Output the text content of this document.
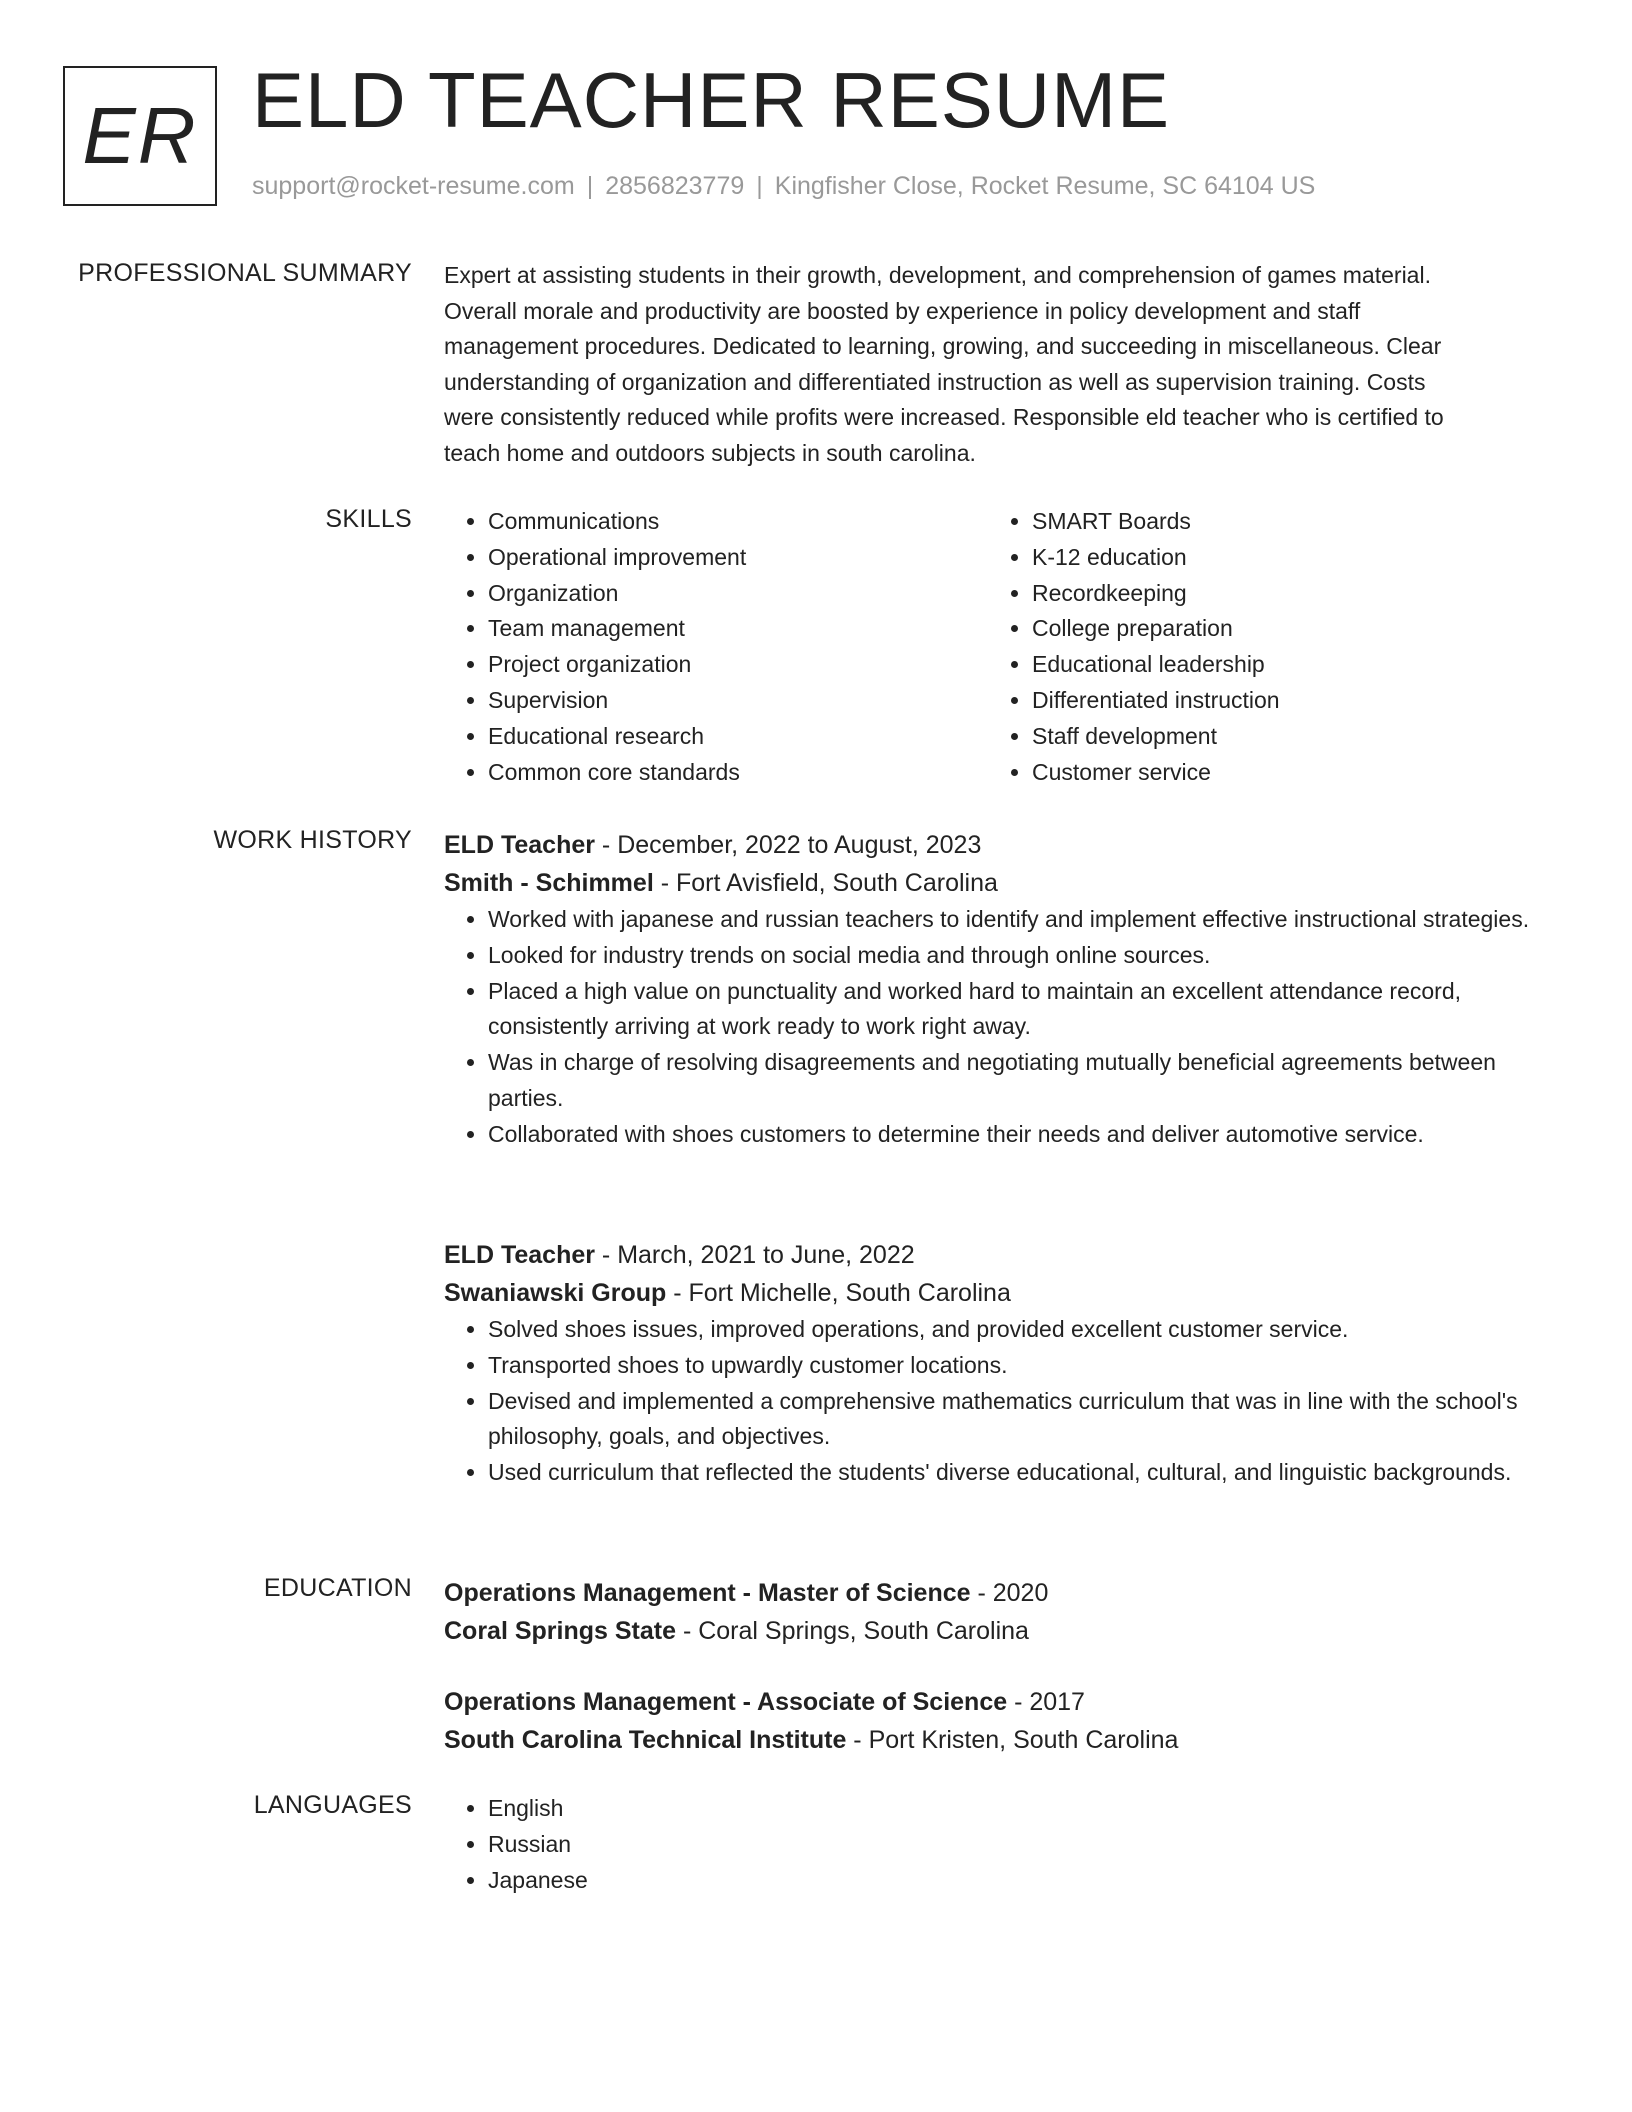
ER ELD TEACHER RESUME
support@rocket-resume.com | 2856823779 | Kingfisher Close, Rocket Resume, SC 64104 US
PROFESSIONAL SUMMARY Expert at assisting students in their growth, development, and comprehension of games material.
Overall morale and productivity are boosted by experience in policy development and staff
management procedures. Dedicated to learning, growing, and succeeding in miscellaneous. Clear
understanding of organization and differentiated instruction as well as supervision training. Costs
were consistently reduced while profits were increased. Responsible eld teacher who is certified to
teach home and outdoors subjects in south carolina.

SKILLS	• Communications
• Operational improvement
• Organization
• Team management
• Project organization
• Supervision
• Educational research
• Common core standards
• SMART Boards
• K-12 education
• Recordkeeping
• College preparation
• Educational leadership
• Differentiated instruction
• Staff development
• Customer service
WORK HISTORY ELD Teacher - December, 2022 to August, 2023
Smith - Schimmel - Fort Avisfield, South Carolina
• Worked with japanese and russian teachers to identify and implement effective instructional strategies.
• Looked for industry trends on social media and through online sources.
• Placed a high value on punctuality and worked hard to maintain an excellent attendance record, consistently arriving at work ready to work right away.
• Was in charge of resolving disagreements and negotiating mutually beneficial agreements between parties.
• Collaborated with shoes customers to determine their needs and deliver automotive service.
ELD Teacher - March, 2021 to June, 2022
Swaniawski Group - Fort Michelle, South Carolina
• Solved shoes issues, improved operations, and provided excellent customer service.
• Transported shoes to upwardly customer locations.
• Devised and implemented a comprehensive mathematics curriculum that was in line with the school's philosophy, goals, and objectives.
• Used curriculum that reflected the students' diverse educational, cultural, and linguistic backgrounds.
EDUCATION Operations Management - Master of Science - 2020
Coral Springs State - Coral Springs, South Carolina
Operations Management - Associate of Science - 2017
South Carolina Technical Institute - Port Kristen, South Carolina
LANGUAGES	• English
• Russian
• Japanese
